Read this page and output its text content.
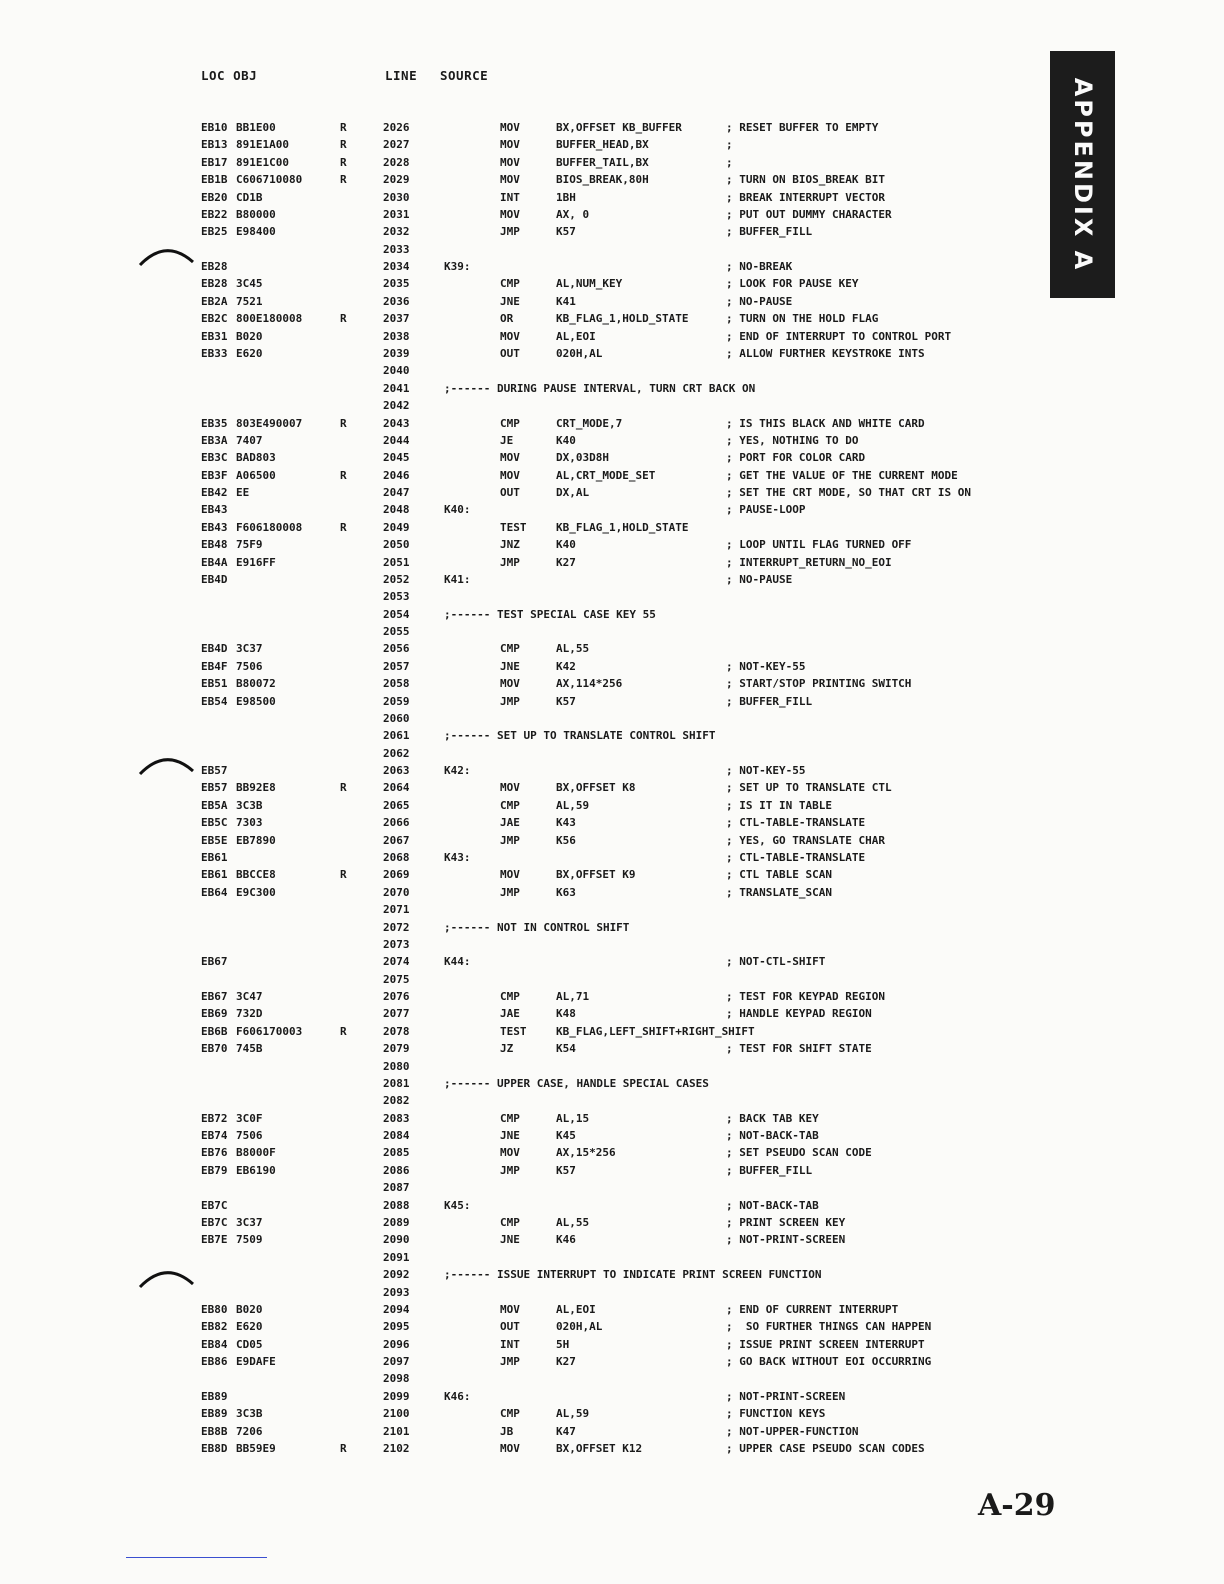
LOC OBJ	LINE SOURCE
APPENDIX A
EB10 BB1E00	R	2026	MOV	BX,OFFSET KB_BUFFER	; RESET BUFFER TO EMPTY
EB13 891E1A00	R	2027	MOV	BUFFER_HEAD,BX	;
EB17 891E1C00	R	2028	MOV	BUFFER_TAIL,BX	;
EB1B C606710080	R	2029	MOV	BIOS_BREAK,80H	; TURN ON BIOS_BREAK BIT
EB20 CD1B	2030	INT	1BH	; BREAK INTERRUPT VECTOR
EB22 B80000	2031	MOV	AX, 0	; PUT OUT DUMMY CHARACTER
EB25 E98400	2032	JMP	K57	; BUFFER_FILL
2033
EB28	2034	K39:	; NO-BREAK
EB28 3C45	2035	CMP	AL,NUM_KEY	; LOOK FOR PAUSE KEY
EB2A 7521	2036	JNE	K41	; NO-PAUSE
EB2C 800E180008	R	2037	OR	KB_FLAG_1,HOLD_STATE	; TURN ON THE HOLD FLAG
EB31 B020	2038	MOV	AL,EOI	; END OF INTERRUPT TO CONTROL PORT
EB33 E620	2039	OUT	020H,AL	; ALLOW FURTHER KEYSTROKE INTS
2040
2041	;------ DURING PAUSE INTERVAL, TURN CRT BACK ON
2042
EB35 803E490007	R	2043	CMP	CRT_MODE,7	; IS THIS BLACK AND WHITE CARD
EB3A 7407	2044	JE	K40	; YES, NOTHING TO DO
EB3C BAD803	2045	MOV	DX,03D8H	; PORT FOR COLOR CARD
EB3F A06500	R	2046	MOV	AL,CRT_MODE_SET	; GET THE VALUE OF THE CURRENT MODE
EB42 EE	2047	OUT	DX,AL	; SET THE CRT MODE, SO THAT CRT IS ON
EB43	2048	K40:	; PAUSE-LOOP
EB43 F606180008	R	2049	TEST	KB_FLAG_1,HOLD_STATE
EB48 75F9	2050	JNZ	K40	; LOOP UNTIL FLAG TURNED OFF
EB4A E916FF	2051	JMP	K27	; INTERRUPT_RETURN_NO_EOI
EB4D	2052	K41:	; NO-PAUSE
2053
2054	;------ TEST SPECIAL CASE KEY 55
2055
EB4D 3C37	2056	CMP	AL,55
EB4F 7506	2057	JNE	K42	; NOT-KEY-55
EB51 B80072	2058	MOV	AX,114*256	; START/STOP PRINTING SWITCH
EB54 E98500	2059	JMP	K57	; BUFFER_FILL
2060
2061	;------ SET UP TO TRANSLATE CONTROL SHIFT
2062
EB57	2063	K42:	; NOT-KEY-55
EB57 BB92E8	R	2064	MOV	BX,OFFSET K8	; SET UP TO TRANSLATE CTL
EB5A 3C3B	2065	CMP	AL,59	; IS IT IN TABLE
EB5C 7303	2066	JAE	K43	; CTL-TABLE-TRANSLATE
EB5E EB7890	2067	JMP	K56	; YES, GO TRANSLATE CHAR
EB61	2068	K43:	; CTL-TABLE-TRANSLATE
EB61 BBCCE8	R	2069	MOV	BX,OFFSET K9	; CTL TABLE SCAN
EB64 E9C300	2070	JMP	K63	; TRANSLATE_SCAN
2071
2072	;------ NOT IN CONTROL SHIFT
2073
EB67	2074	K44:	; NOT-CTL-SHIFT
2075
EB67 3C47	2076	CMP	AL,71	; TEST FOR KEYPAD REGION
EB69 732D	2077	JAE	K48	; HANDLE KEYPAD REGION
EB6B F606170003	R	2078	TEST	KB_FLAG,LEFT_SHIFT+RIGHT_SHIFT
EB70 745B	2079	JZ	K54	; TEST FOR SHIFT STATE
2080
2081	;------ UPPER CASE, HANDLE SPECIAL CASES
2082
EB72 3C0F	2083	CMP	AL,15	; BACK TAB KEY
EB74 7506	2084	JNE	K45	; NOT-BACK-TAB
EB76 B8000F	2085	MOV	AX,15*256	; SET PSEUDO SCAN CODE
EB79 EB6190	2086	JMP	K57	; BUFFER_FILL
2087
EB7C	2088	K45:	; NOT-BACK-TAB
EB7C 3C37	2089	CMP	AL,55	; PRINT SCREEN KEY
EB7E 7509	2090	JNE	K46	; NOT-PRINT-SCREEN
2091
2092	;------ ISSUE INTERRUPT TO INDICATE PRINT SCREEN FUNCTION
2093
EB80 B020	2094	MOV	AL,EOI	; END OF CURRENT INTERRUPT
EB82 E620	2095	OUT	020H,AL	;  SO FURTHER THINGS CAN HAPPEN
EB84 CD05	2096	INT	5H	; ISSUE PRINT SCREEN INTERRUPT
EB86 E9DAFE	2097	JMP	K27	; GO BACK WITHOUT EOI OCCURRING
2098
EB89	2099	K46:	; NOT-PRINT-SCREEN
EB89 3C3B	2100	CMP	AL,59	; FUNCTION KEYS
EB8B 7206	2101	JB	K47	; NOT-UPPER-FUNCTION
EB8D BB59E9	R	2102	MOV	BX,OFFSET K12	; UPPER CASE PSEUDO SCAN CODES
A-29
